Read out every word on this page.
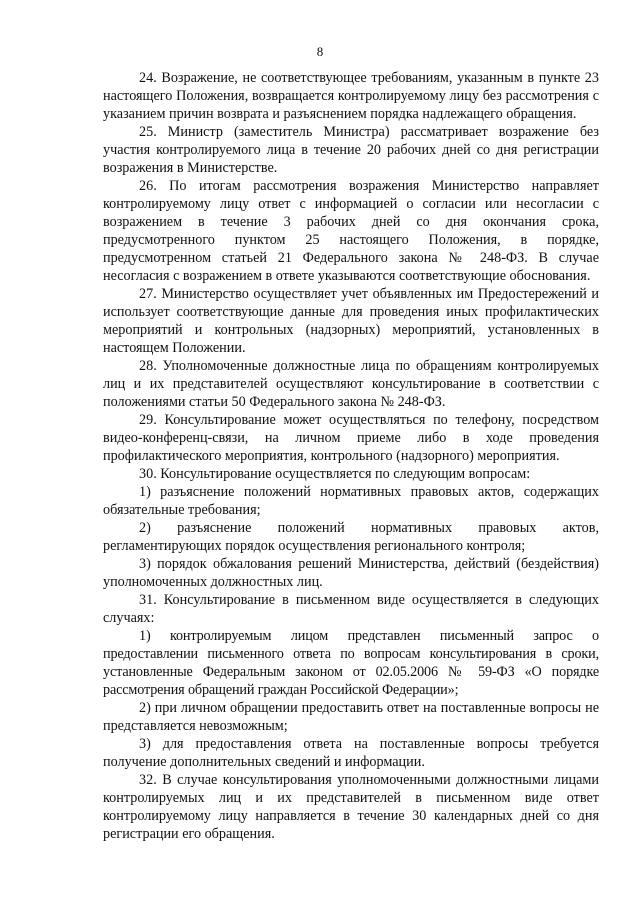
8

24. Возражение, не соответствующее требованиям, указанным в пункте 23 настоящего Положения, возвращается контролируемому лицу без рассмотрения с указанием причин возврата и разъяснением порядка надлежащего обращения.

25. Министр (заместитель Министра) рассматривает возражение без участия контролируемого лица в течение 20 рабочих дней со дня регистрации возражения в Министерстве.

26. По итогам рассмотрения возражения Министерство направляет контролируемому лицу ответ с информацией о согласии или несогласии с возражением в течение 3 рабочих дней со дня окончания срока, предусмотренного пунктом 25 настоящего Положения, в порядке, предусмотренном статьей 21 Федерального закона № 248-ФЗ. В случае несогласия с возражением в ответе указываются соответствующие обоснования.

27. Министерство осуществляет учет объявленных им Предостережений и использует соответствующие данные для проведения иных профилактических мероприятий и контрольных (надзорных) мероприятий, установленных в настоящем Положении.

28. Уполномоченные должностные лица по обращениям контролируемых лиц и их представителей осуществляют консультирование в соответствии с положениями статьи 50 Федерального закона № 248-ФЗ.

29. Консультирование может осуществляться по телефону, посредством видео-конференц-связи, на личном приеме либо в ходе проведения профилактического мероприятия, контрольного (надзорного) мероприятия.

30. Консультирование осуществляется по следующим вопросам:

1) разъяснение положений нормативных правовых актов, содержащих обязательные требования;

2) разъяснение положений нормативных правовых актов, регламентирующих порядок осуществления регионального контроля;

3) порядок обжалования решений Министерства, действий (бездействия) уполномоченных должностных лиц.

31. Консультирование в письменном виде осуществляется в следующих случаях:

1) контролируемым лицом представлен письменный запрос о предоставлении письменного ответа по вопросам консультирования в сроки, установленные Федеральным законом от 02.05.2006 № 59-ФЗ «О порядке рассмотрения обращений граждан Российской Федерации»;

2) при личном обращении предоставить ответ на поставленные вопросы не представляется невозможным;

3) для предоставления ответа на поставленные вопросы требуется получение дополнительных сведений и информации.

32. В случае консультирования уполномоченными должностными лицами контролируемых лиц и их представителей в письменном виде ответ контролируемому лицу направляется в течение 30 календарных дней со дня регистрации его обращения.
